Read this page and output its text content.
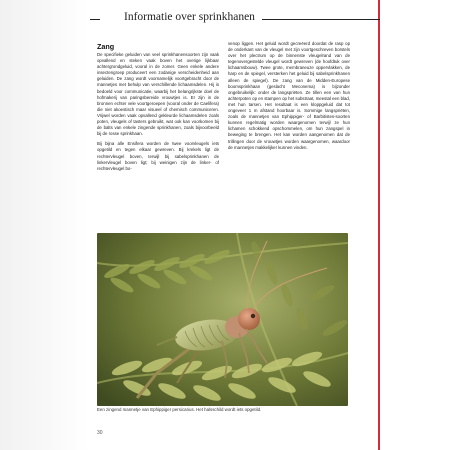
Informatie over sprinkhanen
Zang

De specifieke geluiden van veel sprinkhanensoorten zijn vaak opvallend en steken vaak boven het overige lijkbaar achtergrondgeluid, vooral in de zomer. Geen enkele andere insectengroep produceert een zodanige verscheidenheid aan geluiden. De zang wordt voornamelijk voortgebracht door de mannetjes met behulp van verschillende lichaamsdelen. Hij is bedoeld voor communicatie, waarbij het belangrijkste doel de hofmakerij van paringsbereide vrouwtjes is. Er zijn in de bronnen echter vele voortgeroepen (vooral onder de Caelifera) die niet akoestisch maar visueel of chemisch communiceren. Vrijwel worden vaak opvallend gekleurde lichaamsdelen zoals poten, vleugels of tasters gebruikt, wat ook kan voorkomen bij de balts van enkele zingende sprinkhanen, zoals bijvoorbeeld bij de rosse sprinkhaan.

Bij bijna alle Ensifera worden de twee voorvleugels iets opgetild en tegen elkaar gewreven. Bij krekels ligt de rechtervleugel boven, terwijl bij sabelsprinkhanen de linkervleugel boven ligt; bij weinigen zijn de linker- of rechtervleugel bo-

venop liggen. Het geluid wordt gecreëerd doordat de rasp op de onderkant van de vleugel met zijn voortgeschreven borstels over het plectrum op de binnenste vleugelrand van de tegenovergestelde vleugel wordt gewreven (de hoofdtuk over lichaamsbouw). Twee grote, membraneuze oppervlakken, de harp en de spiegel, versterken het geluid bij sabelsprinkhanen alleen de spiegel). De zang van de Midden-Europese boomsprinkhaan (geslacht Meconema) is bijzonder ongebruikelijk: onder de langspriëten. Ze tillen een van hun achterpoten op en stampen op het substraat, meestal een blad, met hun tarsen. Het resultaat is een kloppgeluid dat tot ongeveer 1 m afstand hoorbaar is. Sommige langspriëten, zoals de mannetjes van Ephippiger- of Barbitistes-soorten kunnen regelmatig worden waargenomen terwijl ze hun lichamen schokkend opschommelen, om hun zangspel in beweging te brengen. Het kan worden aangenomen dat de trillingen door de vrouwtjes worden waargenomen, waardoor de mannetjes makkelijker kunnen vinden.

Een zingend mannetje van Ephippiger persicarius. Het halsschild wordt iets opgetild.
30
